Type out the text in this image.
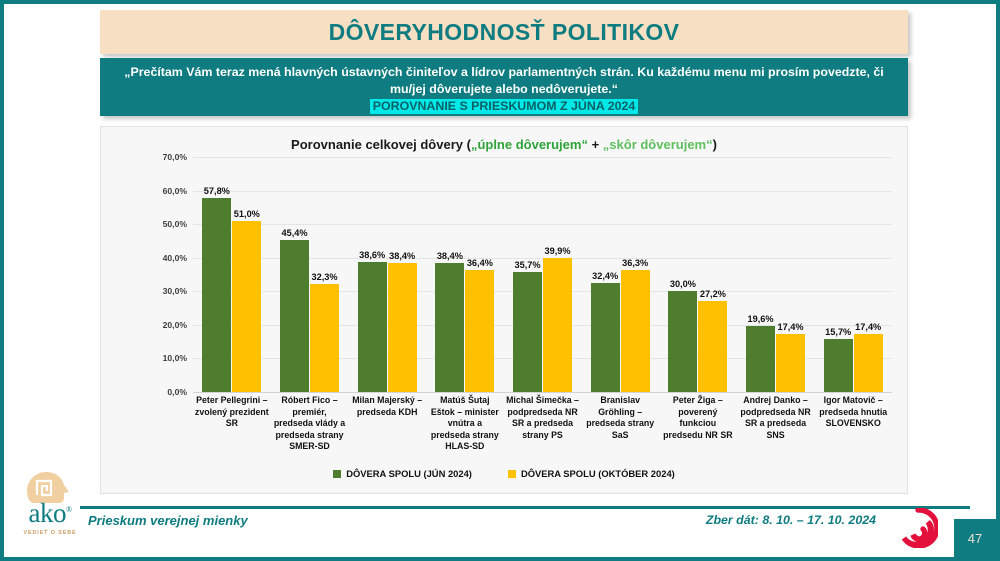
DÔVERYHODNOSŤ POLITIKOV
„Prečítam Vám teraz mená hlavných ústavných činiteľov a lídrov parlamentných strán. Ku každému menu mi prosím povedzte, či mu/jej dôverujete alebo nedôverujete.“
POROVNANIE S PRIESKUMOM Z JÚNA 2024
Porovnanie celkovej dôvery („úplne dôverujem“ + „skôr dôverujem“)
0,0%
10,0%
20,0%
30,0%
40,0%
50,0%
60,0%
70,0%
57,8%
51,0%
45,4%
32,3%
38,6% 38,4% 38,4%
36,4% 35,7%
39,9%
32,4%
36,3%
30,0%
27,2%
19,6%
17,4%
15,7%
17,4%
Peter Pellegrini – zvolený prezident SR
Róbert Fico – premiér, predseda vlády a predseda strany SMER-SD
Milan Majerský – predseda KDH
Matúš Šutaj Eštok – minister vnútra a predseda strany HLAS-SD
Michal Šimečka – podpredseda NR SR a predseda strany PS
Branislav Gröhling – predseda strany SaS
Peter Žiga – poverený funkciou predsedu NR SR
Andrej Danko – podpredseda NR SR a predseda SNS
Igor Matovič – predseda hnutia SLOVENSKO
DÔVERA SPOLU (JÚN 2024)	DÔVERA SPOLU (OKTÓBER 2024)
ako®
VEDIEŤ O SEBE
Prieskum verejnej mienky	Zber dát: 8. 10. – 17. 10. 2024
47
